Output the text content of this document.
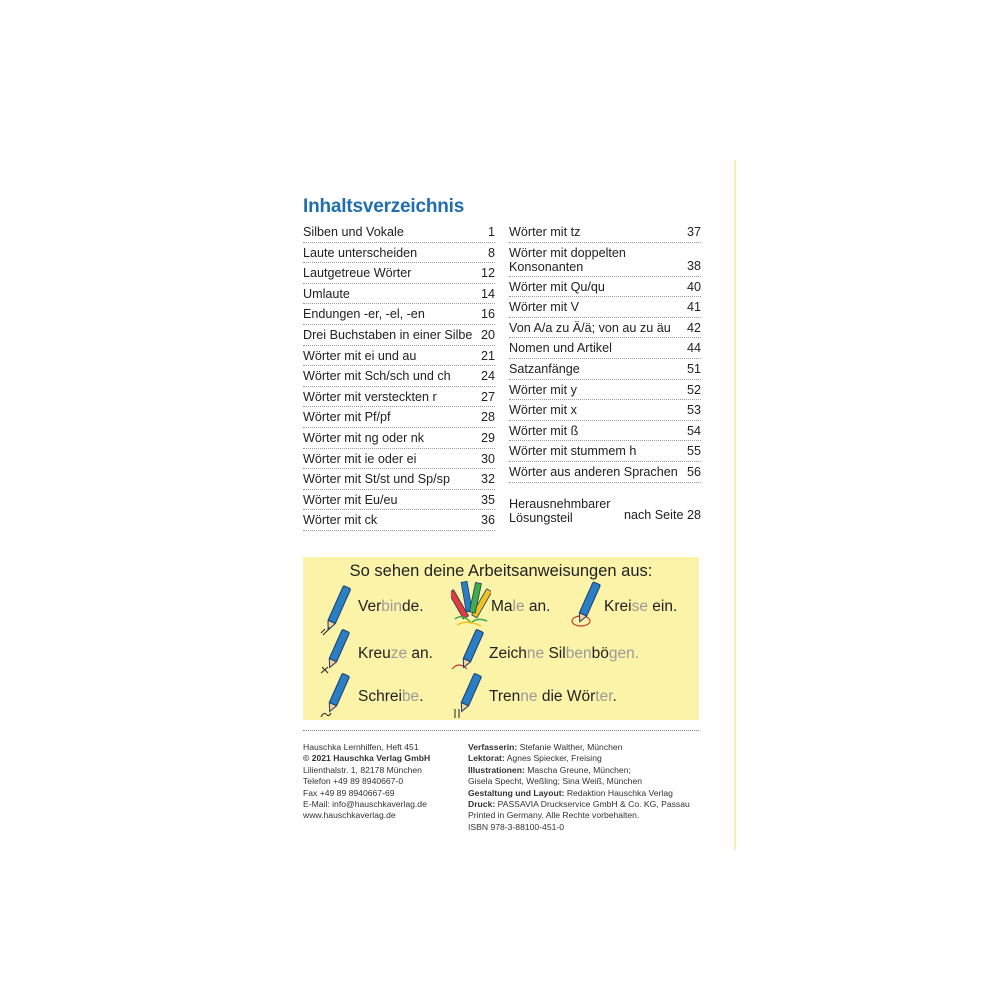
Inhaltsverzeichnis
Silben und Vokale	1
Laute unterscheiden	8
Lautgetreue Wörter	12
Umlaute	14
Endungen -er, -el, -en	16
Drei Buchstaben in einer Silbe 20
Wörter mit ei und au	21
Wörter mit Sch/sch und ch 24
Wörter mit versteckten r	27
Wörter mit Pf/pf	28
Wörter mit ng oder nk	29
Wörter mit ie oder ei	30
Wörter mit St/st und Sp/sp 32
Wörter mit Eu/eu	35
Wörter mit ck	36
Wörter mit tz	37
Wörter mit doppelten Konsonanten	38
Wörter mit Qu/qu	40
Wörter mit V	41
Von A/a zu Ä/ä; von au zu äu 42
Nomen und Artikel	44
Satzanfänge	51
Wörter mit y	52
Wörter mit x	53
Wörter mit ß	54
Wörter mit stummem h	55
Wörter aus anderen Sprachen 56
Herausnehmbarer Lösungsteil	nach Seite 28
So sehen deine Arbeitsanweisungen aus:
Verbinde.	Male an.	Kreise ein.
Kreuze an.	Zeichne Silbenbögen.
Schreibe.	Trenne die Wörter.
Hauschka Lernhilfen, Heft 451
© 2021 Hauschka Verlag GmbH
Lilienthalstr. 1, 82178 München
Telefon +49 89 8940667-0
Fax +49 89 8940667-69
E-Mail: info@hauschkaverlag.de
www.hauschkaverlag.de
Verfasserin: Stefanie Walther, München
Lektorat: Agnes Spiecker, Freising
Illustrationen: Mascha Greune, München;
Gisela Specht, Weßling; Sina Weiß, München
Gestaltung und Layout: Redaktion Hauschka Verlag
Druck: PASSAVIA Druckservice GmbH & Co. KG, Passau
Printed in Germany. Alle Rechte vorbehalten.
ISBN 978-3-88100-451-0
